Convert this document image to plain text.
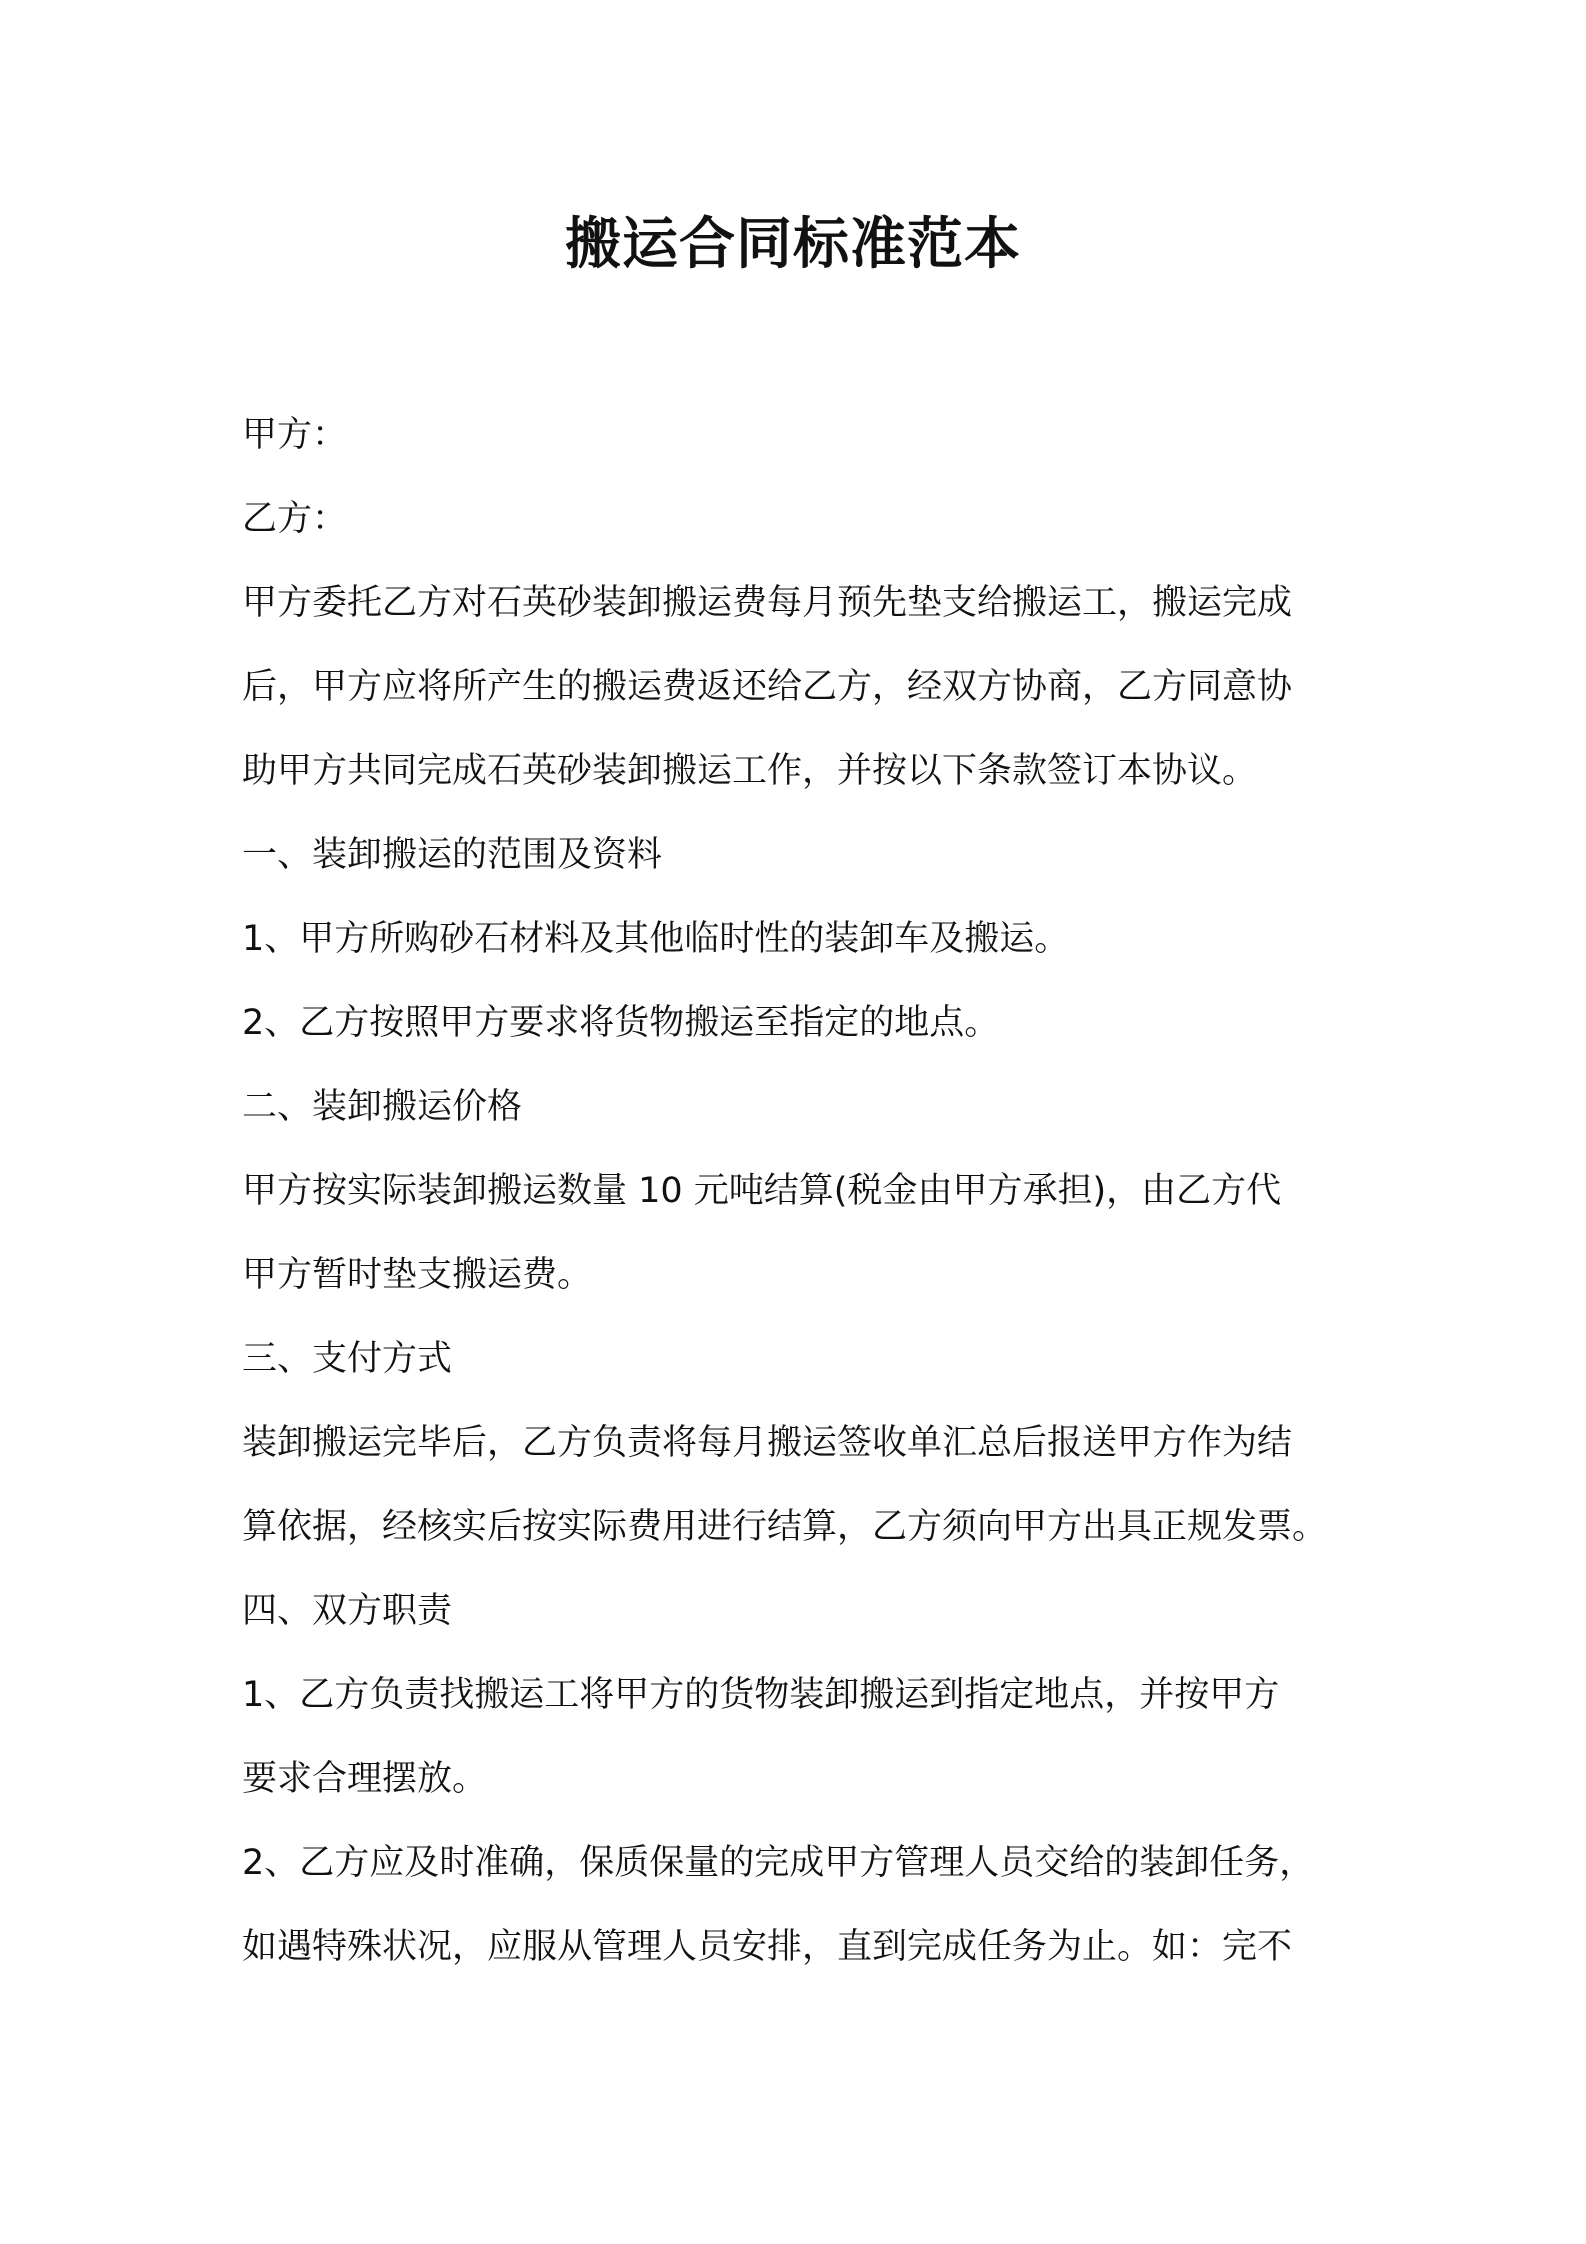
搬运合同标准范本
甲方：
乙方：
甲方委托乙方对石英砂装卸搬运费每月预先垫支给搬运工，搬运完成
后，甲方应将所产生的搬运费返还给乙方，经双方协商，乙方同意协
助甲方共同完成石英砂装卸搬运工作，并按以下条款签订本协议。
一、装卸搬运的范围及资料
1、甲方所购砂石材料及其他临时性的装卸车及搬运。
2、乙方按照甲方要求将货物搬运至指定的地点。
二、装卸搬运价格
甲方按实际装卸搬运数量 10 元吨结算(税金由甲方承担)，由乙方代
甲方暂时垫支搬运费。
三、支付方式
装卸搬运完毕后，乙方负责将每月搬运签收单汇总后报送甲方作为结
算依据，经核实后按实际费用进行结算，乙方须向甲方出具正规发票。
四、双方职责
1、乙方负责找搬运工将甲方的货物装卸搬运到指定地点，并按甲方
要求合理摆放。
2、乙方应及时准确，保质保量的完成甲方管理人员交给的装卸任务，
如遇特殊状况，应服从管理人员安排，直到完成任务为止。如：完不
